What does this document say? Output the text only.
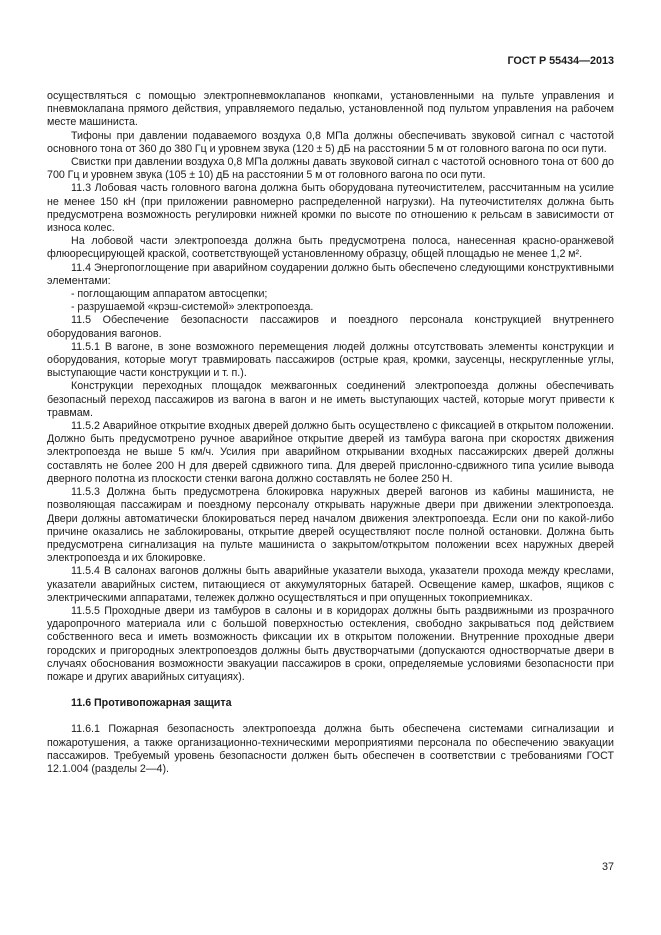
ГОСТ Р 55434—2013

осуществляться с помощью электропневмоклапанов кнопками, установленными на пульте управления и пневмоклапана прямого действия, управляемого педалью, установленной под пультом управления на рабочем месте машиниста.

Тифоны при давлении подаваемого воздуха 0,8 МПа должны обеспечивать звуковой сигнал с частотой основного тона от 360 до 380 Гц и уровнем звука (120 ± 5) дБ на расстоянии 5 м от головного вагона по оси пути.

Свистки при давлении воздуха 0,8 МПа должны давать звуковой сигнал с частотой основного тона от 600 до 700 Гц и уровнем звука (105 ± 10) дБ на расстоянии 5 м от головного вагона по оси пути.

11.3 Лобовая часть головного вагона должна быть оборудована путеочистителем, рассчитанным на усилие не менее 150 кН (при приложении равномерно распределенной нагрузки). На путеочистителях должна быть предусмотрена возможность регулировки нижней кромки по высоте по отношению к рельсам в зависимости от износа колес.

На лобовой части электропоезда должна быть предусмотрена полоса, нанесенная красно-оранжевой флюоресцирующей краской, соответствующей установленному образцу, общей площадью не менее 1,2 м².

11.4 Энергопоглощение при аварийном соударении должно быть обеспечено следующими конструктивными элементами:

- поглощающим аппаратом автосцепки;

- разрушаемой «крэш-системой» электропоезда.

11.5 Обеспечение безопасности пассажиров и поездного персонала конструкцией внутреннего оборудования вагонов.

11.5.1 В вагоне, в зоне возможного перемещения людей должны отсутствовать элементы конструкции и оборудования, которые могут травмировать пассажиров (острые края, кромки, заусенцы, нескругленные углы, выступающие части конструкции и т. п.).

Конструкции переходных площадок межвагонных соединений электропоезда должны обеспечивать безопасный переход пассажиров из вагона в вагон и не иметь выступающих частей, которые могут привести к травмам.

11.5.2 Аварийное открытие входных дверей должно быть осуществлено с фиксацией в открытом положении. Должно быть предусмотрено ручное аварийное открытие дверей из тамбура вагона при скоростях движения электропоезда не выше 5 км/ч. Усилия при аварийном открывании входных пассажирских дверей должны составлять не более 200 Н для дверей сдвижного типа. Для дверей прислонно-сдвижного типа усилие вывода дверного полотна из плоскости стенки вагона должно составлять не более 250 Н.

11.5.3 Должна быть предусмотрена блокировка наружных дверей вагонов из кабины машиниста, не позволяющая пассажирам и поездному персоналу открывать наружные двери при движении электропоезда. Двери должны автоматически блокироваться перед началом движения электропоезда. Если они по какой-либо причине оказались не заблокированы, открытие дверей осуществляют после полной остановки. Должна быть предусмотрена сигнализация на пульте машиниста о закрытом/открытом положении всех наружных дверей электропоезда и их блокировке.

11.5.4 В салонах вагонов должны быть аварийные указатели выхода, указатели прохода между креслами, указатели аварийных систем, питающиеся от аккумуляторных батарей. Освещение камер, шкафов, ящиков с электрическими аппаратами, тележек должно осуществляться и при опущенных токоприемниках.

11.5.5 Проходные двери из тамбуров в салоны и в коридорах должны быть раздвижными из прозрачного ударопрочного материала или с большой поверхностью остекления, свободно закрываться под действием собственного веса и иметь возможность фиксации их в открытом положении. Внутренние проходные двери городских и пригородных электропоездов должны быть двустворчатыми (допускаются одностворчатые двери в случаях обоснования возможности эвакуации пассажиров в сроки, определяемые условиями безопасности при пожаре и других аварийных ситуациях).

11.6 Противопожарная защита

11.6.1 Пожарная безопасность электропоезда должна быть обеспечена системами сигнализации и пожаротушения, а также организационно-техническими мероприятиями персонала по обеспечению эвакуации пассажиров. Требуемый уровень безопасности должен быть обеспечен в соответствии с требованиями ГОСТ 12.1.004 (разделы 2—4).

37
